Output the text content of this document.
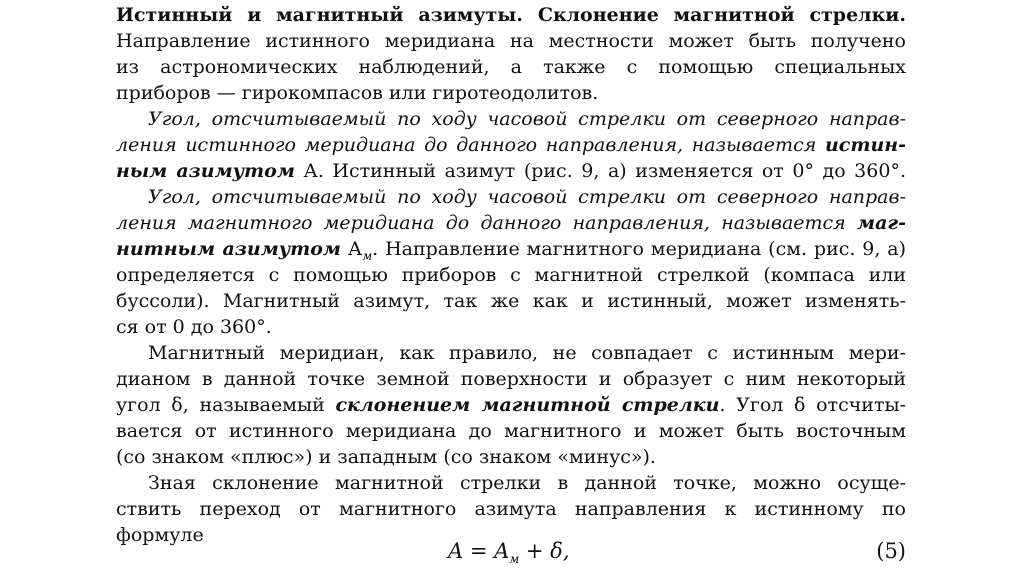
Истинный и магнитный азимуты. Склонение магнитной стрелки.
Направление истинного меридиана на местности может быть получено
из астрономических наблюдений, а также с помощью специальных
приборов — гирокомпасов или гиротеодолитов.
Угол, отсчитываемый по ходу часовой стрелки от северного направ-
ления истинного меридиана до данного направления, называется истин-
ным азимутом А. Истинный азимут (рис. 9, а) изменяется от 0° до 360°.
Угол, отсчитываемый по ходу часовой стрелки от северного направ-
ления магнитного меридиана до данного направления, называется маг-
нитным азимутом $А_м$. Направление магнитного меридиана (см. рис. 9, а)
определяется с помощью приборов с магнитной стрелкой (компаса или
буссоли). Магнитный азимут, так же как и истинный, может изменять-
ся от 0 до 360°.
Магнитный меридиан, как правило, не совпадает с истинным мери-
дианом в данной точке земной поверхности и образует с ним некоторый
угол δ, называемый склонением магнитной стрелки. Угол δ отсчиты-
вается от истинного меридиана до магнитного и может быть восточным
(со знаком «плюс») и западным (со знаком «минус»).
Зная склонение магнитной стрелки в данной точке, можно осуще-
ствить переход от магнитного азимута направления к истинному по
формуле
$A = A_м + \delta$,	(5)
